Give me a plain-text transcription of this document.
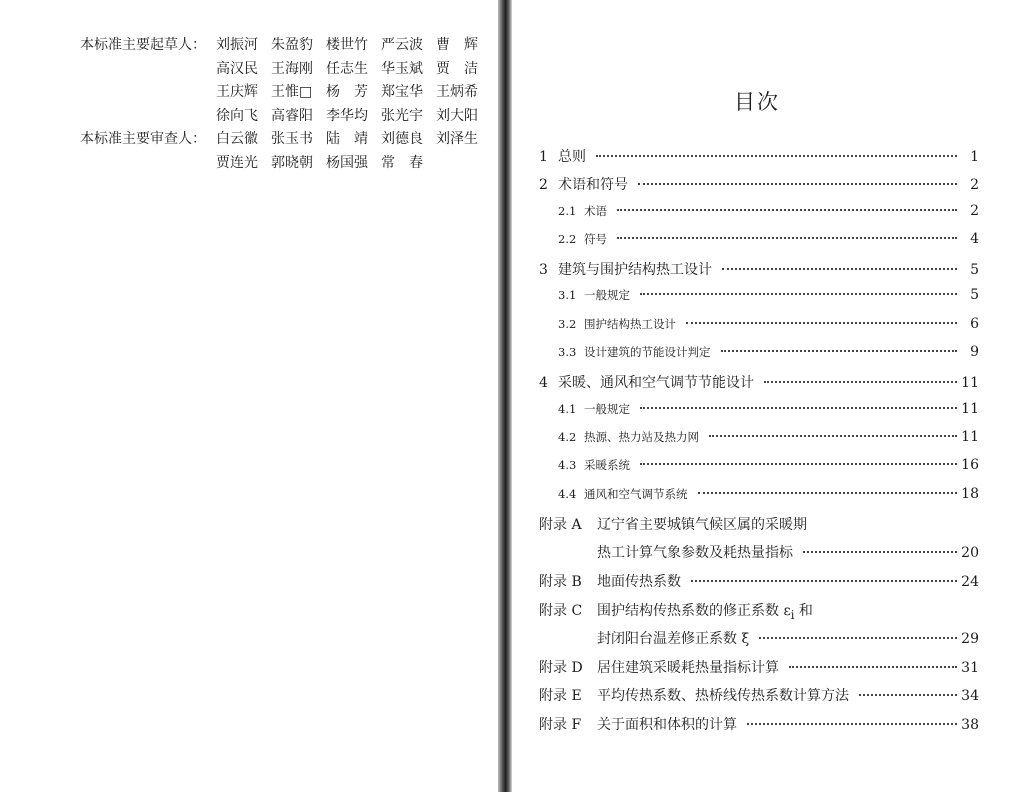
本标准主要起草人： 刘振河 朱盈豹 楼世竹 严云波 曹　辉
高汉民 王海刚 任志生 华玉斌 贾　洁
王庆辉 王惟□ 杨　芳 郑宝华 王炳希
徐向飞 高睿阳 李华均 张光宇 刘大阳
本标准主要审查人： 白云徽 张玉书 陆　靖 刘德良 刘泽生
贾连光 郭晓朝 杨国强 常　春
目次
1 总则	1
2 术语和符号	2
2.1 术语	2
2.2 符号	4
3 建筑与围护结构热工设计	5
3.1 一般规定	5
3.2 围护结构热工设计	6
3.3 设计建筑的节能设计判定	9
4 采暖、通风和空气调节节能设计	11
4.1 一般规定	11
4.2 热源、热力站及热力网	11
4.3 采暖系统	16
4.4 通风和空气调节系统	18
附录 A	辽宁省主要城镇气候区属的采暖期
热工计算气象参数及耗热量指标	20
附录 B	地面传热系数	24
附录 C	围护结构传热系数的修正系数 $\varepsilon_i$ 和
封闭阳台温差修正系数 ξ	29
附录 D	居住建筑采暖耗热量指标计算	31
附录 E	平均传热系数、热桥线传热系数计算方法	34
附录 F	关于面积和体积的计算	38
